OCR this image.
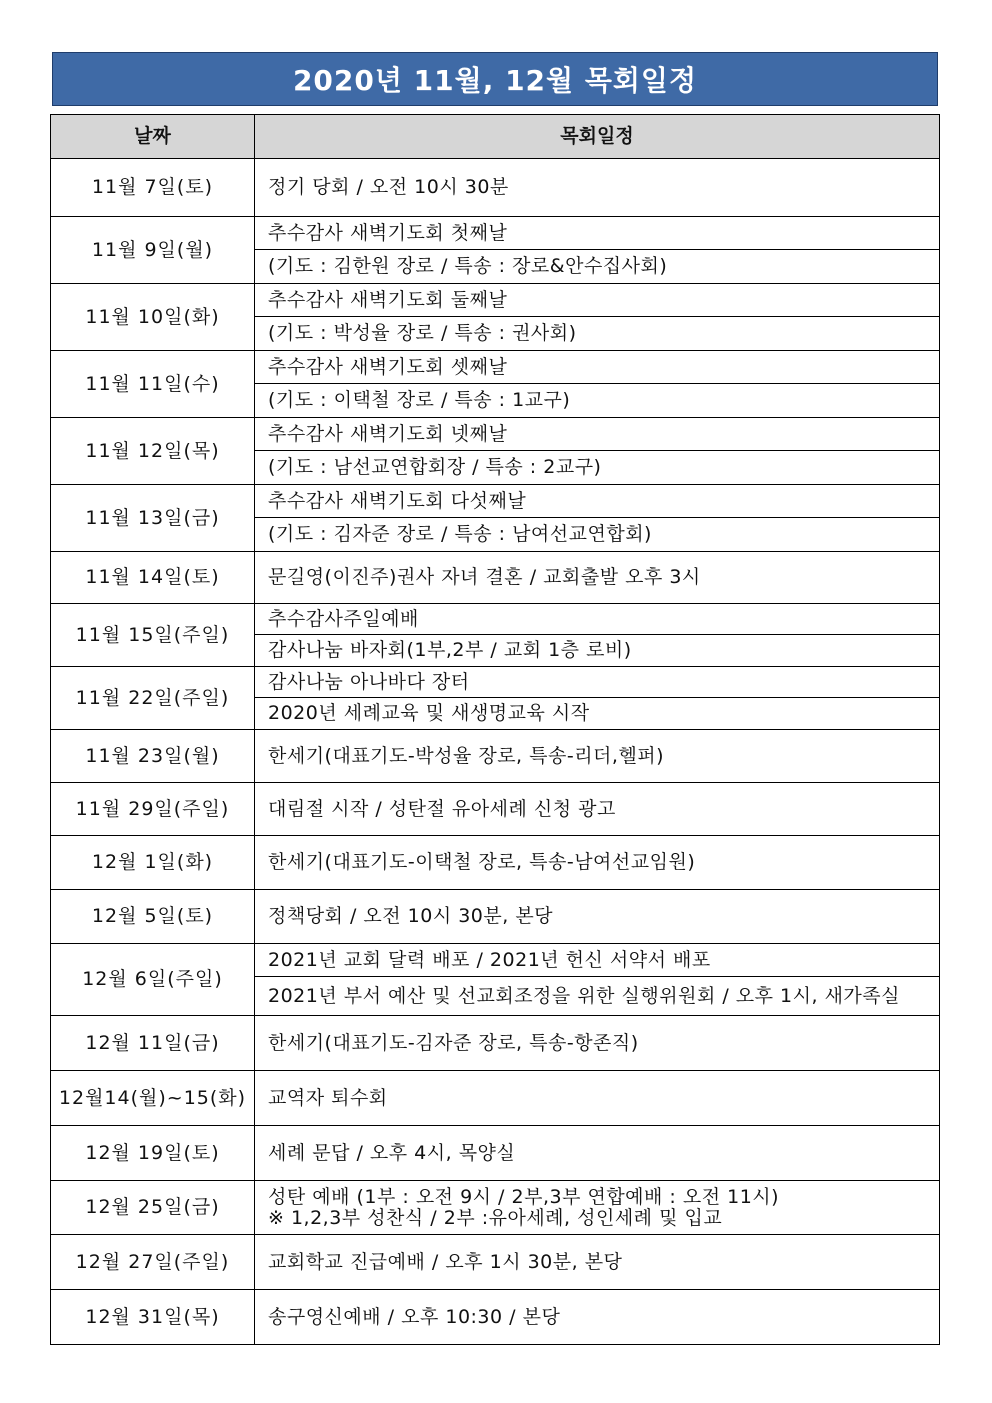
2020년 11월, 12월 목회일정
날짜	목회일정
11월 7일(토)	정기 당회 / 오전 10시 30분
11월 9일(월)	추수감사 새벽기도회 첫째날
	(기도 : 김한원 장로 / 특송 : 장로&안수집사회)
11월 10일(화)	추수감사 새벽기도회 둘째날
	(기도 : 박성율 장로 / 특송 : 권사회)
11월 11일(수)	추수감사 새벽기도회 셋째날
	(기도 : 이택철 장로 / 특송 : 1교구)
11월 12일(목)	추수감사 새벽기도회 넷째날
	(기도 : 남선교연합회장 / 특송 : 2교구)
11월 13일(금)	추수감사 새벽기도회 다섯째날
	(기도 : 김자준 장로 / 특송 : 남여선교연합회)
11월 14일(토)	문길영(이진주)권사 자녀 결혼 / 교회출발 오후 3시
11월 15일(주일)	추수감사주일예배
	감사나눔 바자회(1부,2부 / 교회 1층 로비)
11월 22일(주일)	감사나눔 아나바다 장터
	2020년 세례교육 및 새생명교육 시작
11월 23일(월)	한세기(대표기도-박성율 장로, 특송-리더,헬퍼)
11월 29일(주일)	대림절 시작 / 성탄절 유아세례 신청 광고
12월 1일(화)	한세기(대표기도-이택철 장로, 특송-남여선교임원)
12월 5일(토)	정책당회 / 오전 10시 30분, 본당
12월 6일(주일)	2021년 교회 달력 배포 / 2021년 헌신 서약서 배포
	2021년 부서 예산 및 선교회조정을 위한 실행위원회 / 오후 1시, 새가족실
12월 11일(금)	한세기(대표기도-김자준 장로, 특송-항존직)
12월14(월)~15(화)	교역자 퇴수회
12월 19일(토)	세례 문답 / 오후 4시, 목양실
12월 25일(금)	성탄 예배 (1부 : 오전 9시 / 2부,3부 연합예배 : 오전 11시)
※ 1,2,3부 성찬식 / 2부 :유아세례, 성인세례 및 입교

12월 27일(주일)	교회학교 진급예배 / 오후 1시 30분, 본당
12월 31일(목)	송구영신예배 / 오후 10:30 / 본당
